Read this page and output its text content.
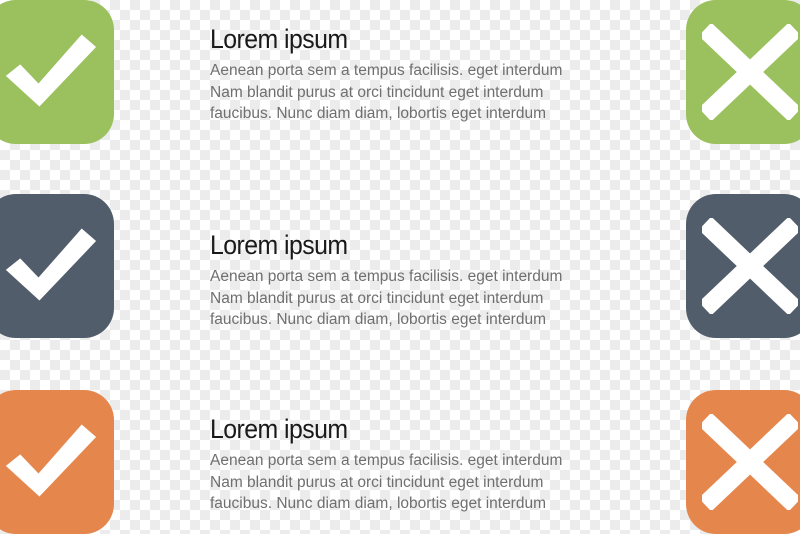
Lorem ipsum
Aenean porta sem a tempus facilisis. eget interdum
Nam blandit purus at orci tincidunt eget interdum
faucibus. Nunc diam diam, lobortis eget interdum
Lorem ipsum
Aenean porta sem a tempus facilisis. eget interdum
Nam blandit purus at orci tincidunt eget interdum
faucibus. Nunc diam diam, lobortis eget interdum
Lorem ipsum
Aenean porta sem a tempus facilisis. eget interdum
Nam blandit purus at orci tincidunt eget interdum
faucibus. Nunc diam diam, lobortis eget interdum
